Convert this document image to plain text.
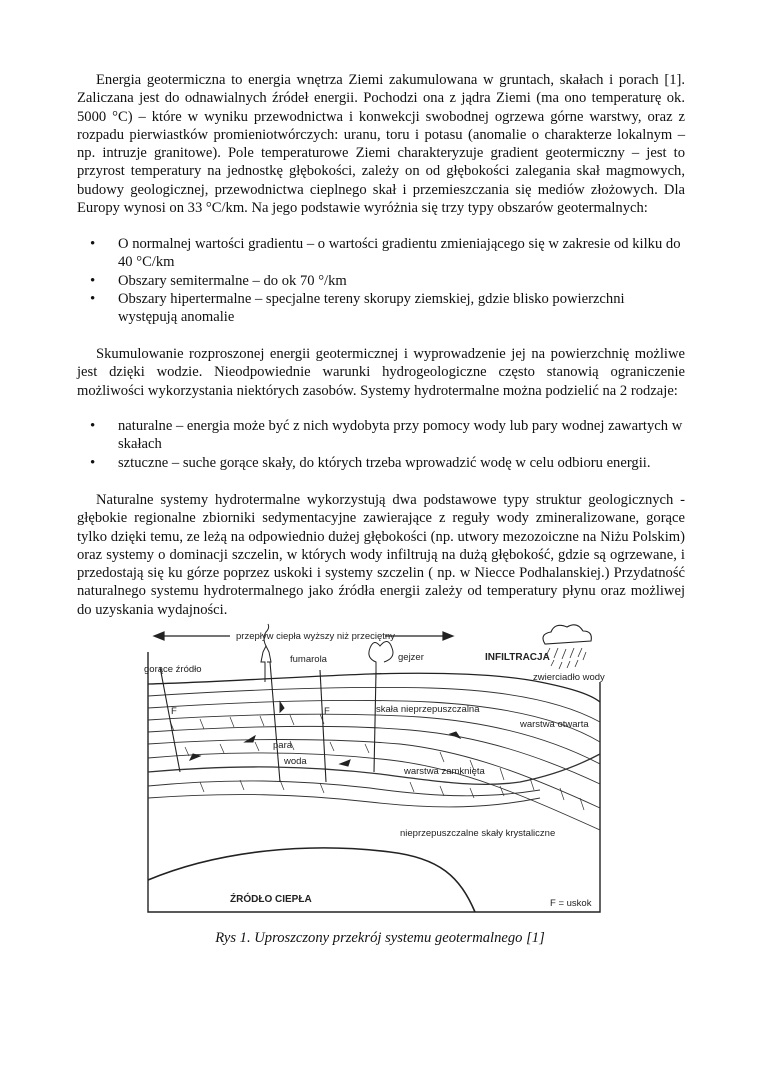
Energia geotermiczna to energia wnętrza Ziemi zakumulowana w gruntach, skałach i porach [1]. Zaliczana jest do odnawialnych źródeł energii. Pochodzi ona z jądra Ziemi (ma ono temperaturę ok. 5000 °C) – które w wyniku przewodnictwa i konwekcji swobodnej ogrzewa górne warstwy, oraz z rozpadu pierwiastków promieniotwórczych: uranu, toru i potasu (anomalie o charakterze lokalnym – np. intruzje granitowe). Pole temperaturowe Ziemi charakteryzuje gradient geotermiczny – jest to przyrost temperatury na jednostkę głębokości, zależy on od głębokości zalegania skał magmowych, budowy geologicznej, przewodnictwa cieplnego skał i przemieszczania się mediów złożowych. Dla Europy wynosi on 33 °C/km. Na jego podstawie wyróżnia się trzy typy obszarów geotermalnych:

• O normalnej wartości gradientu – o wartości gradientu zmieniającego się w zakresie od kilku do 40 °C/km
• Obszary semitermalne – do ok 70 °/km
• Obszary hipertermalne – specjalne tereny skorupy ziemskiej, gdzie blisko powierzchni występują anomalie

Skumulowanie rozproszonej energii geotermicznej i wyprowadzenie jej na powierzchnię możliwe jest dzięki wodzie. Nieodpowiednie warunki hydrogeologiczne często stanowią ograniczenie możliwości wykorzystania niektórych zasobów. Systemy hydrotermalne można podzielić na 2 rodzaje:

• naturalne – energia może być z nich wydobyta przy pomocy wody lub pary wodnej zawartych w skałach
• sztuczne – suche gorące skały, do których trzeba wprowadzić wodę w celu odbioru energii.

Naturalne systemy hydrotermalne wykorzystują dwa podstawowe typy struktur geologicznych - głębokie regionalne zbiorniki sedymentacyjne zawierające z reguły wody zmineralizowane, gorące tylko dzięki temu, ze leżą na odpowiednio dużej głębokości (np. utwory mezozoiczne na Niżu Polskim) oraz systemy o dominacji szczelin, w których wody infiltrują na dużą głębokość, gdzie są ogrzewane, i przedostają się ku górze poprzez uskoki i systemy szczelin ( np. w Niecce Podhalanskiej.) Przydatność naturalnego systemu hydrotermalnego jako źródła energii zależy od temperatury płynu oraz możliwej do uzyskania wydajności.

przepływ ciepła wyższy niż przeciętny
INFILTRACJA
F	F
gorące źródło
fumarola	gejzer
zwierciadło wody
skała nieprzepuszczalna
warstwa otwarta
para
woda
warstwa zamknięta
nieprzepuszczalne skały krystaliczne
ŹRÓDŁO CIEPŁA	F = uskok
Rys 1. Uproszczony przekrój systemu geotermalnego [1]
